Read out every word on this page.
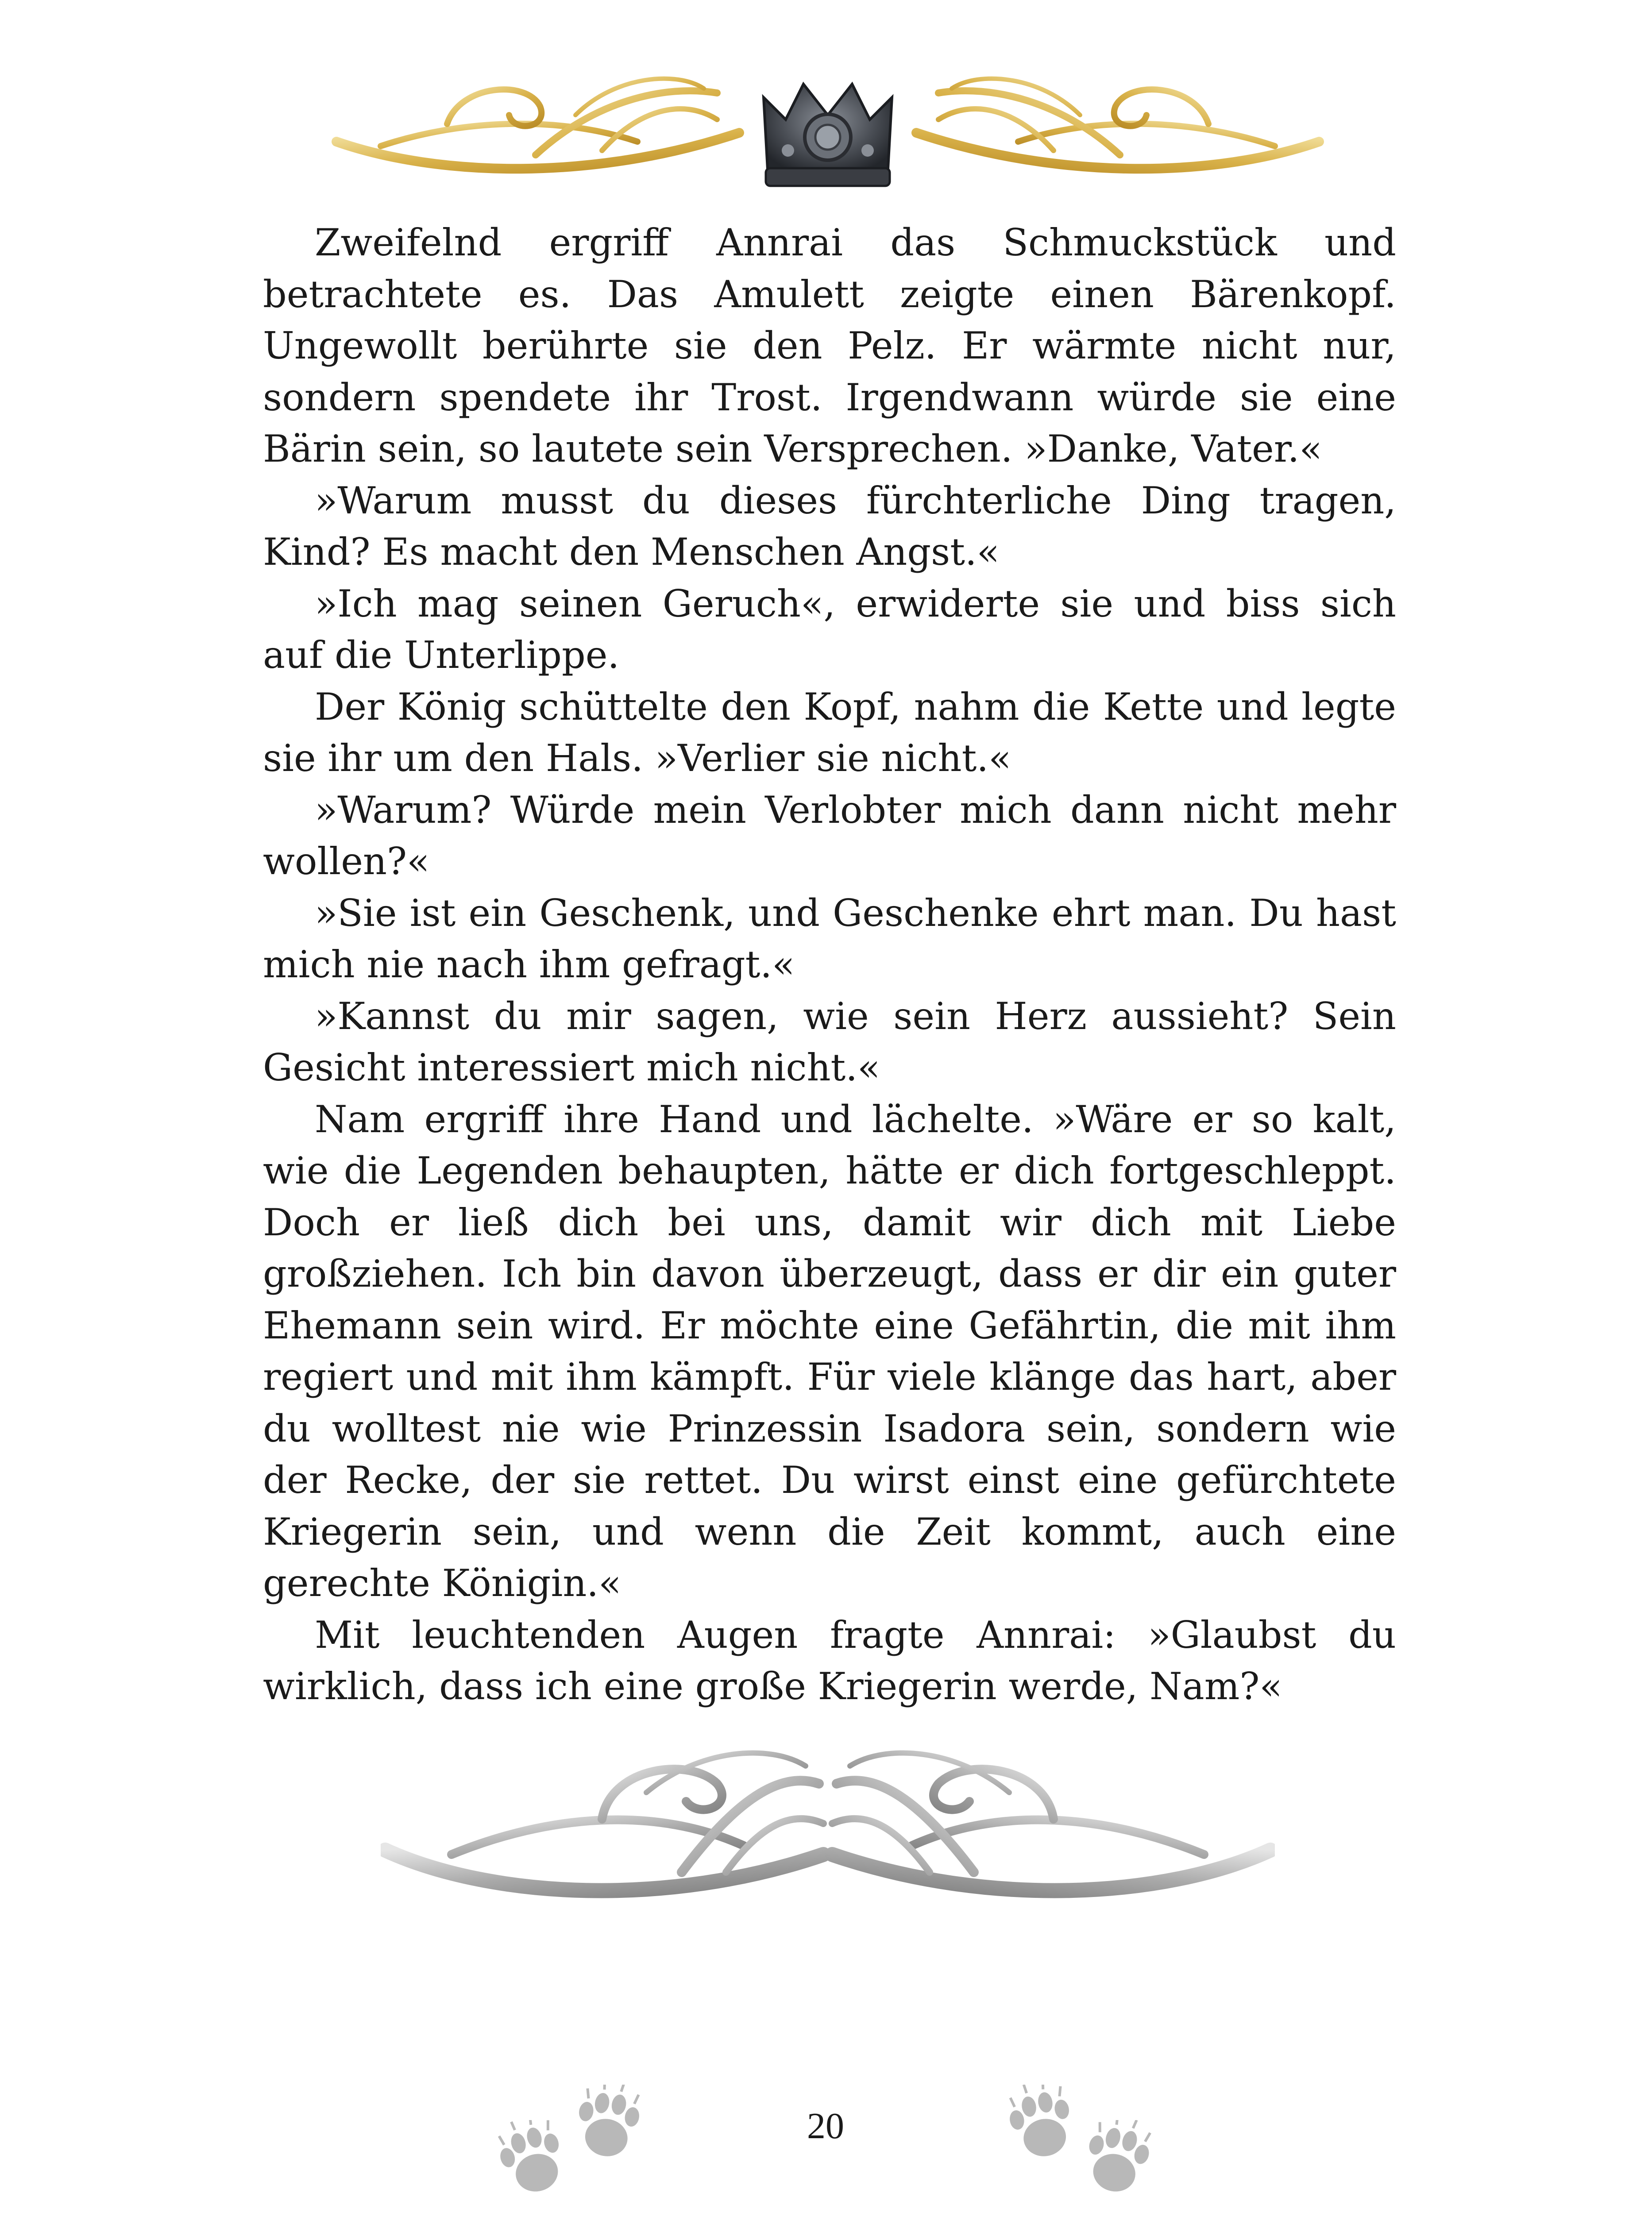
Zweifelnd ergriff Annrai das Schmuckstück und betrachtete es. Das Amulett zeigte einen Bärenkopf. Ungewollt berührte sie den Pelz. Er wärmte nicht nur, sondern spendete ihr Trost. Irgendwann würde sie eine Bärin sein, so lautete sein Versprechen. »Danke, Vater.«

»Warum musst du dieses fürchterliche Ding tragen, Kind? Es macht den Menschen Angst.«

»Ich mag seinen Geruch«, erwiderte sie und biss sich auf die Unterlippe.

Der König schüttelte den Kopf, nahm die Kette und legte sie ihr um den Hals. »Verlier sie nicht.«

»Warum? Würde mein Verlobter mich dann nicht mehr wollen?«

»Sie ist ein Geschenk, und Geschenke ehrt man. Du hast mich nie nach ihm gefragt.«

»Kannst du mir sagen, wie sein Herz aussieht? Sein Gesicht interessiert mich nicht.«

Nam ergriff ihre Hand und lächelte. »Wäre er so kalt, wie die Legenden behaupten, hätte er dich fortgeschleppt. Doch er ließ dich bei uns, damit wir dich mit Liebe großziehen. Ich bin davon überzeugt, dass er dir ein guter Ehemann sein wird. Er möchte eine Gefährtin, die mit ihm regiert und mit ihm kämpft. Für viele klänge das hart, aber du wolltest nie wie Prinzessin Isadora sein, sondern wie der Recke, der sie rettet. Du wirst einst eine gefürchtete Kriegerin sein, und wenn die Zeit kommt, auch eine gerechte Königin.«

Mit leuchtenden Augen fragte Annrai: »Glaubst du wirklich, dass ich eine große Kriegerin werde, Nam?«

20
